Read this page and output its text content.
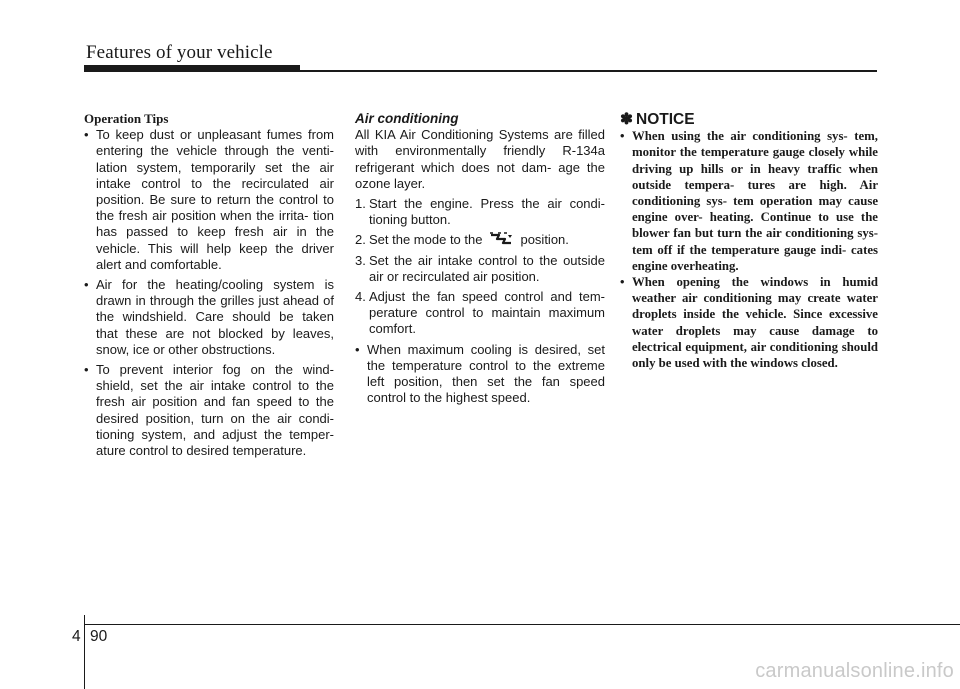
Features of your vehicle

Operation Tips

• To keep dust or unpleasant fumes from entering the vehicle through the venti- lation system, temporarily set the air intake control to the recirculated air position. Be sure to return the control to the fresh air position when the irrita- tion has passed to keep fresh air in the vehicle. This will help keep the driver alert and comfortable.
• Air for the heating/cooling system is drawn in through the grilles just ahead of the windshield. Care should be taken that these are not blocked by leaves, snow, ice or other obstructions.
• To prevent interior fog on the wind- shield, set the air intake control to the fresh air position and fan speed to the desired position, turn on the air condi- tioning system, and adjust the temper- ature control to desired temperature.

Air conditioning

All KIA Air Conditioning Systems are filled with environmentally friendly R-134a refrigerant which does not dam- age the ozone layer.

1. Start the engine. Press the air condi- tioning button.
2. Set the mode to the	position.
3. Set the air intake control to the outside air or recirculated air position.
4. Adjust the fan speed control and tem- perature control to maintain maximum comfort.
• When maximum cooling is desired, set the temperature control to the extreme left position, then set the fan speed control to the highest speed.

✽ NOTICE

• When using the air conditioning sys- tem, monitor the temperature gauge closely while driving up hills or in heavy traffic when outside tempera- tures are high. Air conditioning sys- tem operation may cause engine over- heating. Continue to use the blower fan but turn the air conditioning sys- tem off if the temperature gauge indi- cates engine overheating.
• When opening the windows in humid weather air conditioning may create water droplets inside the vehicle. Since excessive water droplets may cause damage to electrical equipment, air conditioning should only be used with the windows closed.
4 90
carmanualsonline.info
